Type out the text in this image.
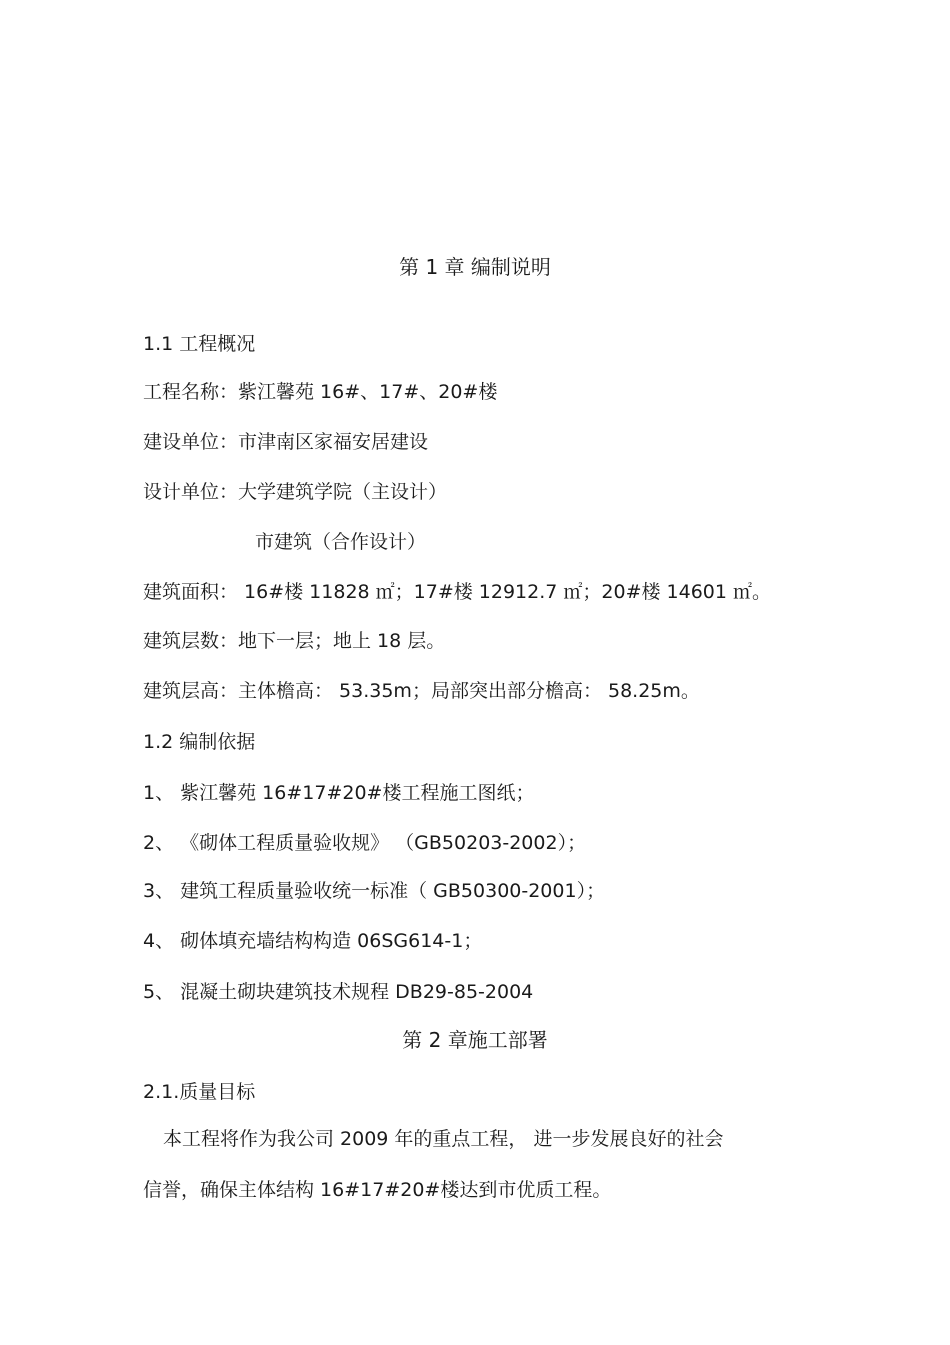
第 1 章 编制说明
1.1 工程概况
工程名称：紫江馨苑 16#、17#、20#楼
建设单位：市津南区家福安居建设
设计单位：大学建筑学院（主设计）
市建筑（合作设计）
建筑面积： 16#楼 11828 ㎡；17#楼 12912.7 ㎡；20#楼 14601 ㎡。
建筑层数：地下一层；地上 18 层。
建筑层高：主体檐高： 53.35m；局部突出部分檐高： 58.25m。
1.2 编制依据
1、 紫江馨苑 16#17#20#楼工程施工图纸；
2、 《砌体工程质量验收规》 （GB50203-2002）；
3、 建筑工程质量验收统一标准（ GB50300-2001）；
4、 砌体填充墙结构构造 06SG614-1；
5、 混凝土砌块建筑技术规程 DB29-85-2004
第 2 章施工部署
2.1.质量目标
本工程将作为我公司 2009 年的重点工程， 进一步发展良好的社会
信誉，确保主体结构 16#17#20#楼达到市优质工程。
